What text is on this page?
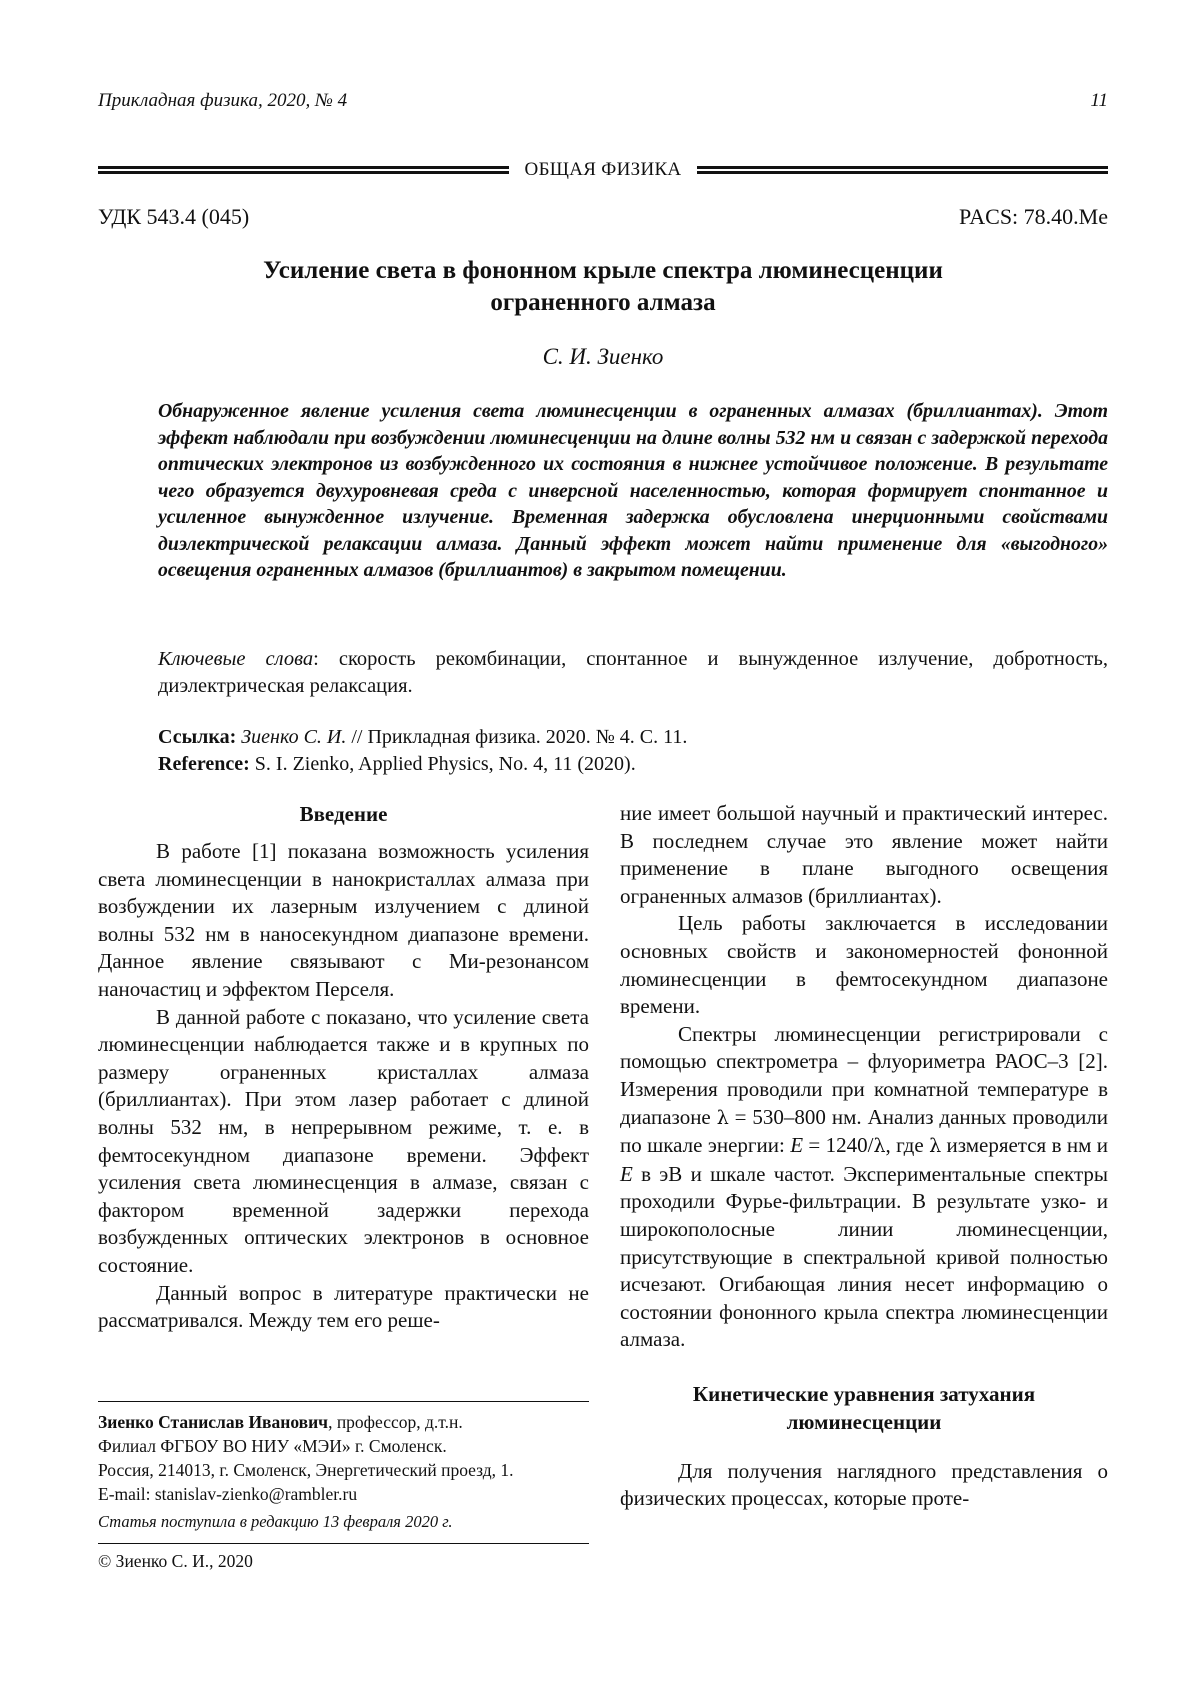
Прикладная физика, 2020, № 4	11
ОБЩАЯ ФИЗИКА
УДК 543.4 (045)	PACS: 78.40.Me
Усиление света в фононном крыле спектра люминесценции
ограненного алмаза
С. И. Зиенко
Обнаруженное явление усиления света люминесценции в ограненных алмазах (бриллиантах). Этот эффект наблюдали при возбуждении люминесценции на длине волны 532 нм и связан с задержкой перехода оптических электронов из возбужденного их состояния в нижнее устойчивое положение. В результате чего образуется двухуровневая среда с инверсной населенностью, которая формирует спонтанное и усиленное вынужденное излучение. Временная задержка обусловлена инерционными свойствами диэлектрической релаксации алмаза. Данный эффект может найти применение для «выгодного» освещения ограненных алмазов (бриллиантов) в закрытом помещении.
Ключевые слова: скорость рекомбинации, спонтанное и вынужденное излучение, добротность, диэлектрическая релаксация.
Ссылка: Зиенко С. И. // Прикладная физика. 2020. № 4. С. 11.
Reference: S. I. Zienko, Applied Physics, No. 4, 11 (2020).

Введение

В работе [1] показана возможность усиления света люминесценции в нанокристаллах алмаза при возбуждении их лазерным излучением с длиной волны 532 нм в наносекундном диапазоне времени. Данное явление связывают с Ми-резонансом наночастиц и эффектом Перселя.

В данной работе с показано, что усиление света люминесценции наблюдается также и в крупных по размеру ограненных кристаллах алмаза (бриллиантах). При этом лазер работает с длиной волны 532 нм, в непрерывном режиме, т. е. в фемтосекундном диапазоне времени. Эффект усиления света люминесценция в алмазе, связан с фактором временной задержки перехода возбужденных оптических электронов в основное состояние.

Данный вопрос в литературе практически не рассматривался. Между тем его реше-

ние имеет большой научный и практический интерес. В последнем случае это явление может найти применение в плане выгодного освещения ограненных алмазов (бриллиантах).

Цель работы заключается в исследовании основных свойств и закономерностей фононной люминесценции в фемтосекундном диапазоне времени.

Спектры люминесценции регистрировали с помощью спектрометра – флуориметра РАОС–3 [2]. Измерения проводили при комнатной температуре в диапазоне λ = 530–800 нм. Анализ данных проводили по шкале энергии: E = 1240/λ, где λ измеряется в нм и E в эВ и шкале частот. Экспериментальные спектры проходили Фурье-фильтрации. В результате узко- и широкополосные линии люминесценции, присутствующие в спектральной кривой полностью исчезают. Огибающая линия несет информацию о состоянии фононного крыла спектра люминесценции алмаза.

Кинетические уравнения затухания
люминесценции

Для получения наглядного представления о физических процессах, которые проте-

Зиенко Станислав Иванович, профессор, д.т.н.
Филиал ФГБОУ ВО НИУ «МЭИ» г. Смоленск.
Россия, 214013, г. Смоленск, Энергетический проезд, 1.
E-mail: stanislav-zienko@rambler.ru
Статья поступила в редакцию 13 февраля 2020 г.
© Зиенко С. И., 2020
